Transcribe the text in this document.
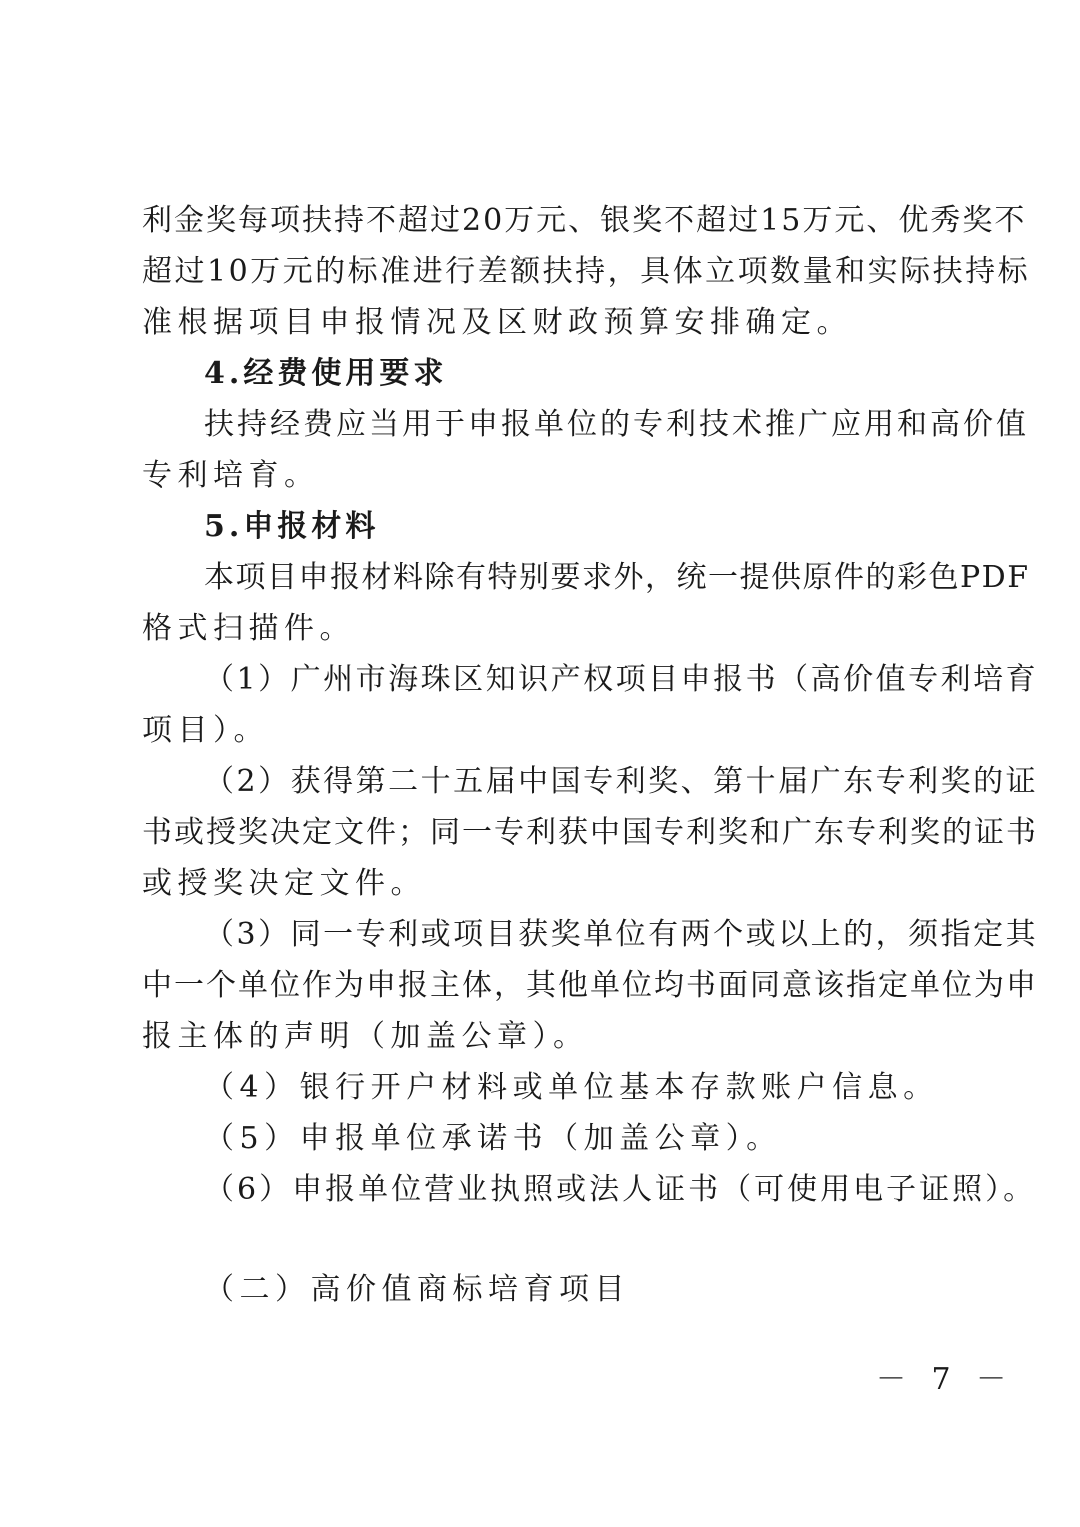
利金奖每项扶持不超过20万元、银奖不超过15万元、优秀奖不
超过10万元的标准进行差额扶持，具体立项数量和实际扶持标
准根据项目申报情况及区财政预算安排确定。
4.经费使用要求
扶持经费应当用于申报单位的专利技术推广应用和高价值
专利培育。
5.申报材料
本项目申报材料除有特别要求外，统一提供原件的彩色PDF
格式扫描件。
（1）广州市海珠区知识产权项目申报书（高价值专利培育
项目）。
（2）获得第二十五届中国专利奖、第十届广东专利奖的证
书或授奖决定文件；同一专利获中国专利奖和广东专利奖的证书
或授奖决定文件。
（3）同一专利或项目获奖单位有两个或以上的，须指定其
中一个单位作为申报主体，其他单位均书面同意该指定单位为申
报主体的声明（加盖公章）。
（4）银行开户材料或单位基本存款账户信息。
（5）申报单位承诺书（加盖公章）。
（6）申报单位营业执照或法人证书（可使用电子证照）。
（二）高价值商标培育项目
－ 7 －
